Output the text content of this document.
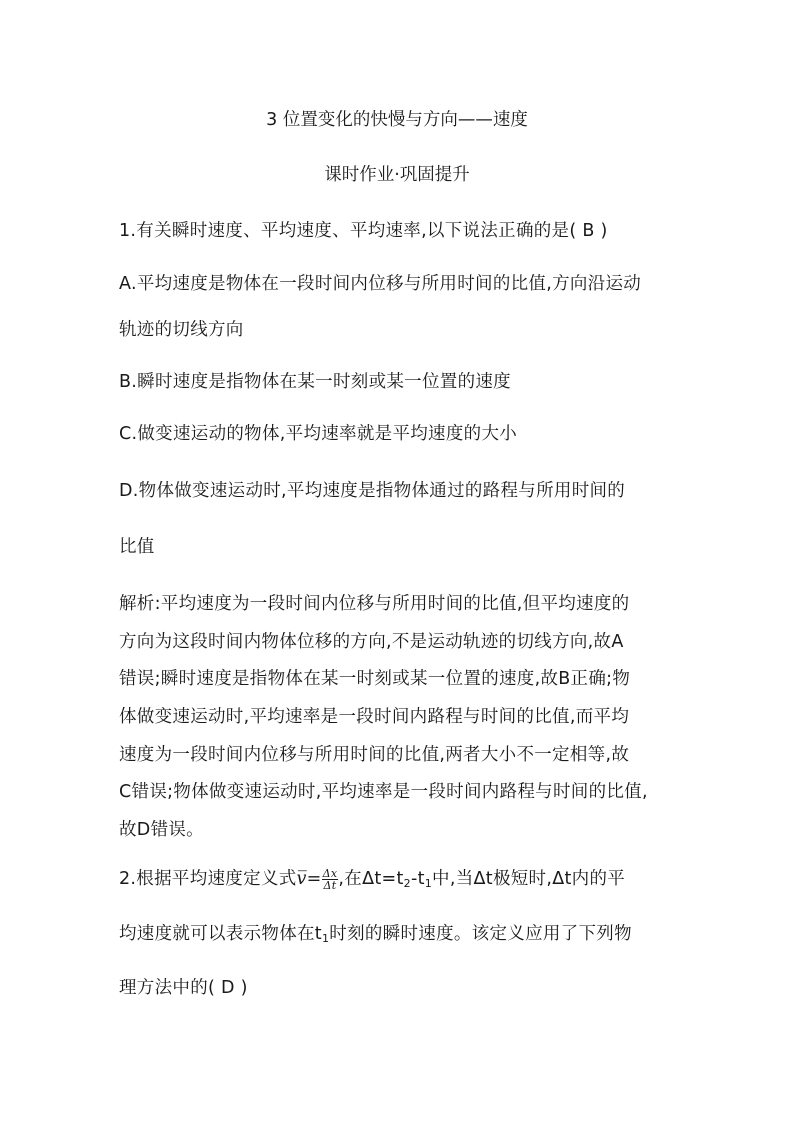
3 位置变化的快慢与方向——速度
课时作业·巩固提升
1.有关瞬时速度、平均速度、平均速率,以下说法正确的是( B )
A.平均速度是物体在一段时间内位移与所用时间的比值,方向沿运动
轨迹的切线方向
B.瞬时速度是指物体在某一时刻或某一位置的速度
C.做变速运动的物体,平均速率就是平均速度的大小
D.物体做变速运动时,平均速度是指物体通过的路程与所用时间的
比值
解析:平均速度为一段时间内位移与所用时间的比值,但平均速度的
方向为这段时间内物体位移的方向,不是运动轨迹的切线方向,故A
错误;瞬时速度是指物体在某一时刻或某一位置的速度,故B正确;物
体做变速运动时,平均速率是一段时间内路程与时间的比值,而平均
速度为一段时间内位移与所用时间的比值,两者大小不一定相等,故
C错误;物体做变速运动时,平均速率是一段时间内路程与时间的比值,
故D错误。
2.根据平均速度定义式v̅= $\frac{\Delta x}{\Delta t}$ ,在$\Delta t=t_2-t_1$中,当Δt极短时,Δt内的平
均速度就可以表示物体在$t_1$时刻的瞬时速度。该定义应用了下列物
理方法中的( D )
